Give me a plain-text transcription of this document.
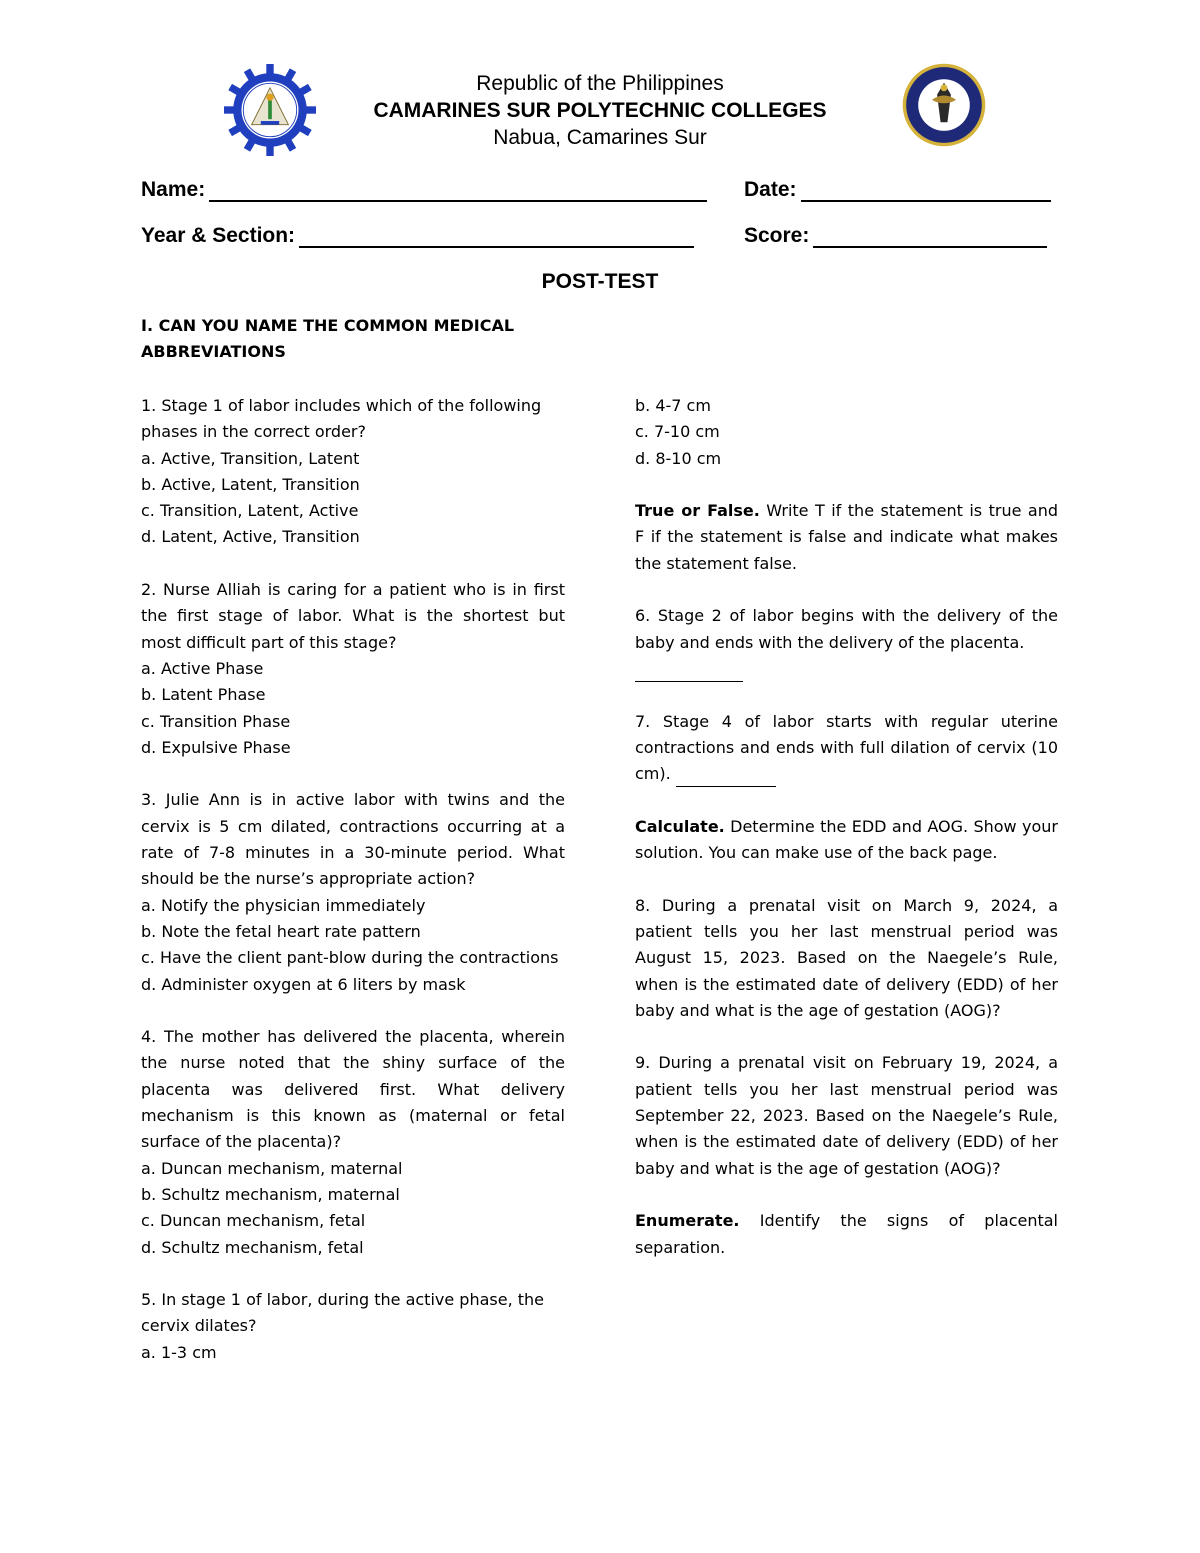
Republic of the Philippines
CAMARINES SUR POLYTECHNIC COLLEGES
Nabua, Camarines Sur
Name:	Date:
Year & Section:	Score:
POST-TEST
I. CAN YOU NAME THE COMMON MEDICAL ABBREVIATIONS

1. Stage 1 of labor includes which of the following phases in the correct order?

a. Active, Transition, Latent

b. Active, Latent, Transition

c. Transition, Latent, Active

d. Latent, Active, Transition

2. Nurse Alliah is caring for a patient who is in first the first stage of labor. What is the shortest but most difficult part of this stage?

a. Active Phase

b. Latent Phase

c. Transition Phase

d. Expulsive Phase

3. Julie Ann is in active labor with twins and the cervix is 5 cm dilated, contractions occurring at a rate of 7-8 minutes in a 30-minute period. What should be the nurse’s appropriate action?

a. Notify the physician immediately

b. Note the fetal heart rate pattern

c. Have the client pant-blow during the contractions

d. Administer oxygen at 6 liters by mask

4. The mother has delivered the placenta, wherein the nurse noted that the shiny surface of the placenta was delivered first. What delivery mechanism is this known as (maternal or fetal surface of the placenta)?

a. Duncan mechanism, maternal

b. Schultz mechanism, maternal

c. Duncan mechanism, fetal

d. Schultz mechanism, fetal

5. In stage 1 of labor, during the active phase, the cervix dilates?

a. 1-3 cm

b. 4-7 cm

c. 7-10 cm

d. 8-10 cm

True or False. Write T if the statement is true and F if the statement is false and indicate what makes the statement false.

6. Stage 2 of labor begins with the delivery of the baby and ends with the delivery of the placenta.

7. Stage 4 of labor starts with regular uterine contractions and ends with full dilation of cervix (10 cm).

Calculate. Determine the EDD and AOG. Show your solution. You can make use of the back page.

8. During a prenatal visit on March 9, 2024, a patient tells you her last menstrual period was August 15, 2023. Based on the Naegele’s Rule, when is the estimated date of delivery (EDD) of her baby and what is the age of gestation (AOG)?

9. During a prenatal visit on February 19, 2024, a patient tells you her last menstrual period was September 22, 2023. Based on the Naegele’s Rule, when is the estimated date of delivery (EDD) of her baby and what is the age of gestation (AOG)?

Enumerate. Identify the signs of placental separation.
